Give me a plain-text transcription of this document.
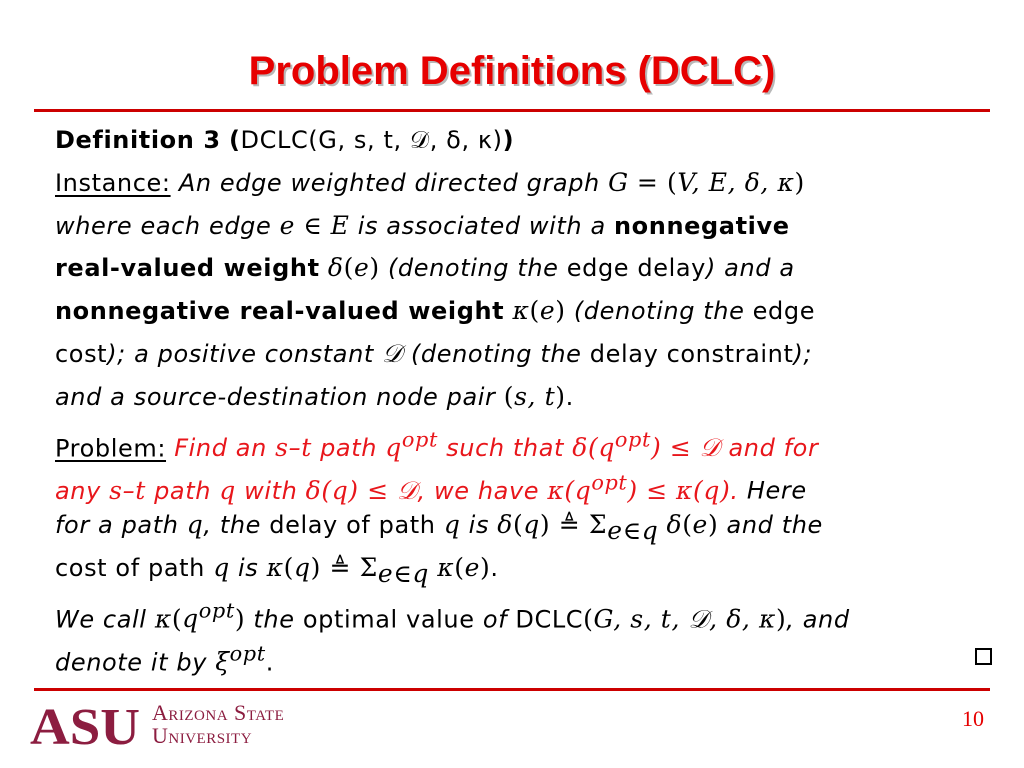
Problem Definitions (DCLC)
Definition 3 (DCLC(G, s, t, 𝒟, δ, κ))
Instance: An edge weighted directed graph G = (V, E, δ, κ)
where each edge e ∈ E is associated with a nonnegative
real-valued weight δ(e) (denoting the edge delay) and a
nonnegative real-valued weight κ(e) (denoting the edge
cost); a positive constant 𝒟 (denoting the delay constraint);
and a source-destination node pair (s, t).
Problem: Find an s–t path $q^{opt}$ such that $\delta(q^{opt})$ ≤ 𝒟 and for
any s–t path q with δ(q) ≤ 𝒟, we have $\kappa(q^{opt}) \le \kappa(q)$. Here
for a path q, the delay of path q is δ(q) ≜ $\Sigma_{e\in q}$ δ(e) and the
cost of path q is κ(q) ≜ $\Sigma_{e\in q}$ κ(e).
We call $\kappa(q^{opt})$ the optimal value of DCLC(G, s, t, 𝒟, δ, κ), and
denote it by $\xi^{opt}$.
ASU Arizona State
University
10
